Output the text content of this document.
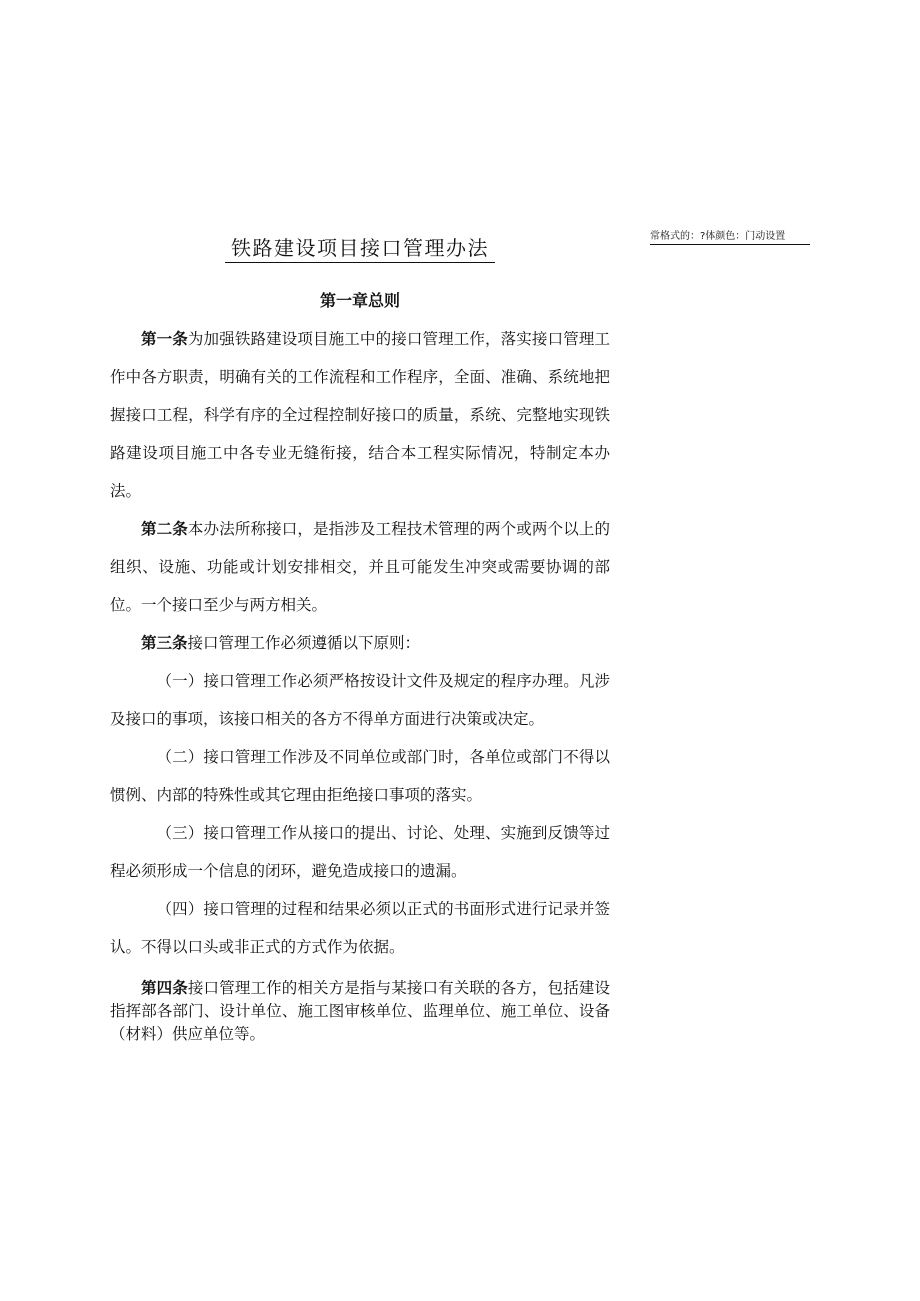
常格式的：?体颜色：门动设置
铁路建设项目接口管理办法
第一章总则

第一条为加强铁路建设项目施工中的接口管理工作，落实接口管理工作中各方职责，明确有关的工作流程和工作程序，全面、准确、系统地把握接口工程，科学有序的全过程控制好接口的质量，系统、完整地实现铁路建设项目施工中各专业无缝衔接，结合本工程实际情况，特制定本办法。

第二条本办法所称接口，是指涉及工程技术管理的两个或两个以上的组织、设施、功能或计划安排相交，并且可能发生冲突或需要协调的部位。一个接口至少与两方相关。

第三条接口管理工作必须遵循以下原则：

（一）接口管理工作必须严格按设计文件及规定的程序办理。凡涉及接口的事项，该接口相关的各方不得单方面进行决策或决定。

（二）接口管理工作涉及不同单位或部门时，各单位或部门不得以惯例、内部的特殊性或其它理由拒绝接口事项的落实。

（三）接口管理工作从接口的提出、讨论、处理、实施到反馈等过程必须形成一个信息的闭环，避免造成接口的遗漏。

（四）接口管理的过程和结果必须以正式的书面形式进行记录并签认。不得以口头或非正式的方式作为依据。

第四条接口管理工作的相关方是指与某接口有关联的各方，包括建设指挥部各部门、设计单位、施工图审核单位、监理单位、施工单位、设备（材料）供应单位等。
